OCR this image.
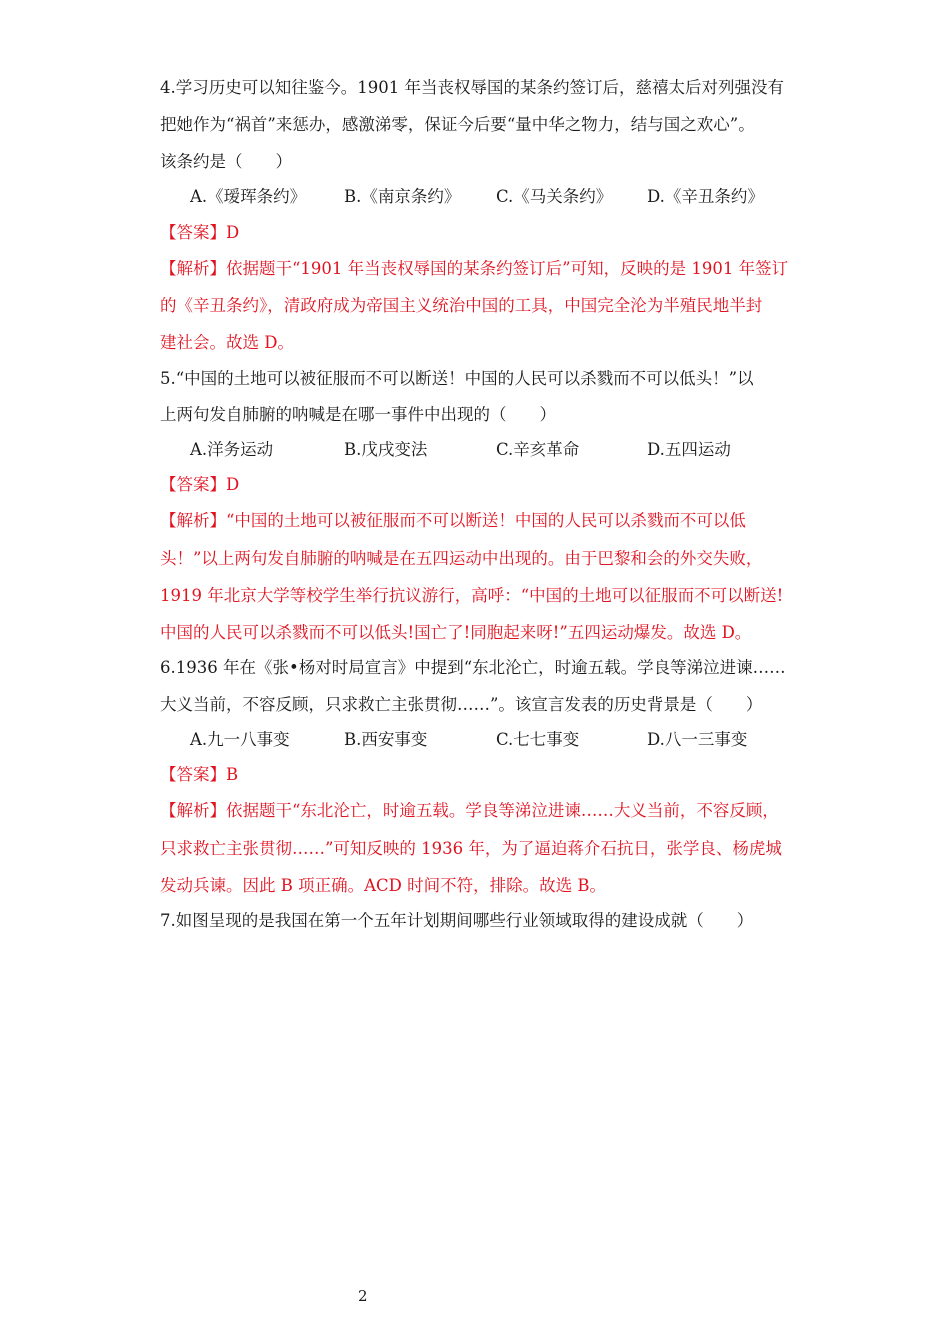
4.学习历史可以知往鉴今。1901 年当丧权辱国的某条约签订后，慈禧太后对列强没有
把她作为“祸首”来惩办，感激涕零，保证今后要“量中华之物力，结与国之欢心”。
该条约是（　　）
A.《瑷珲条约》 B.《南京条约》 C.《马关条约》 D.《辛丑条约》
【答案】D
【解析】依据题干“1901 年当丧权辱国的某条约签订后”可知，反映的是 1901 年签订
的《辛丑条约》，清政府成为帝国主义统治中国的工具，中国完全沦为半殖民地半封
建社会。故选 D。
5.“中国的土地可以被征服而不可以断送！中国的人民可以杀戮而不可以低头！”以
上两句发自肺腑的呐喊是在哪一事件中出现的（　　）
A.洋务运动	B.戊戌变法	C.辛亥革命	D.五四运动
【答案】D
【解析】“中国的土地可以被征服而不可以断送！中国的人民可以杀戮而不可以低
头！”以上两句发自肺腑的呐喊是在五四运动中出现的。由于巴黎和会的外交失败，
1919 年北京大学等校学生举行抗议游行，高呼：“中国的土地可以征服而不可以断送!
中国的人民可以杀戮而不可以低头!国亡了!同胞起来呀!”五四运动爆发。故选 D。
6.1936 年在《张•杨对时局宣言》中提到“东北沦亡，时逾五载。学良等涕泣进谏……
大义当前，不容反顾，只求救亡主张贯彻……”。该宣言发表的历史背景是（　　）
A.九一八事变	B.西安事变	C.七七事变	D.八一三事变
【答案】B
【解析】依据题干“东北沦亡，时逾五载。学良等涕泣进谏……大义当前，不容反顾，
只求救亡主张贯彻……”可知反映的 1936 年，为了逼迫蒋介石抗日，张学良、杨虎城
发动兵谏。因此 B 项正确。ACD 时间不符，排除。故选 B。
7.如图呈现的是我国在第一个五年计划期间哪些行业领域取得的建设成就（　　）
2
